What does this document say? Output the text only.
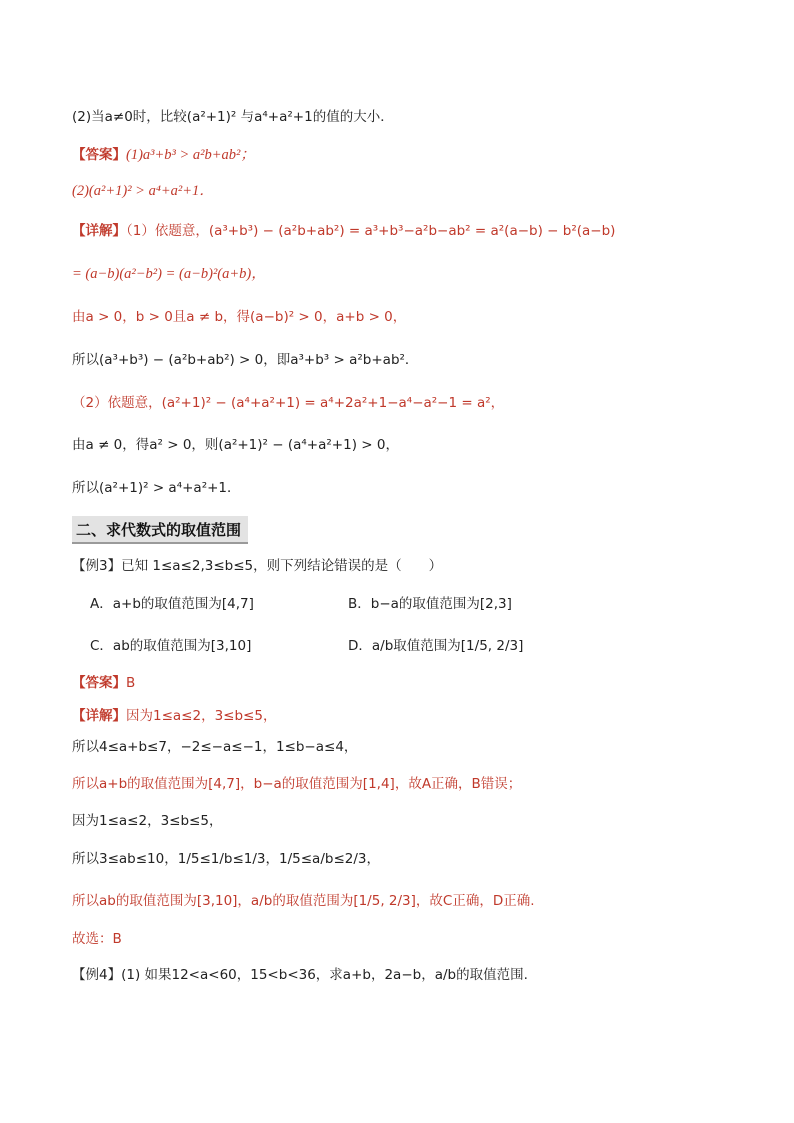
(2)当a≠0时，比较(a²+1)² 与a⁴+a²+1的值的大小．
【答案】(1)a³+b³ > a²b+ab²；
(2)(a²+1)² > a⁴+a²+1．
【详解】（1）依题意，(a³+b³) − (a²b+ab²) = a³+b³−a²b−ab² = a²(a−b) − b²(a−b)
= (a−b)(a²−b²) = (a−b)²(a+b)，
由a > 0，b > 0且a ≠ b，得(a−b)² > 0，a+b > 0，
所以(a³+b³) − (a²b+ab²) > 0，即a³+b³ > a²b+ab²．
（2）依题意，(a²+1)² − (a⁴+a²+1) = a⁴+2a²+1−a⁴−a²−1 = a²，
由a ≠ 0，得a² > 0，则(a²+1)² − (a⁴+a²+1) > 0，
所以(a²+1)² > a⁴+a²+1．
二、求代数式的取值范围
【例3】已知 1≤a≤2,3≤b≤5，则下列结论错误的是（　　）
A．a+b的取值范围为[4,7]	B．b−a的取值范围为[2,3]
C．ab的取值范围为[3,10]	D．a/b取值范围为[1/5, 2/3]
【答案】B
【详解】因为1≤a≤2，3≤b≤5，
所以4≤a+b≤7，−2≤−a≤−1，1≤b−a≤4，
所以a+b的取值范围为[4,7]，b−a的取值范围为[1,4]，故A正确，B错误；
因为1≤a≤2，3≤b≤5，
所以3≤ab≤10，1/5≤1/b≤1/3，1/5≤a/b≤2/3，
所以ab的取值范围为[3,10]，a/b的取值范围为[1/5, 2/3]，故C正确，D正确.
故选：B
【例4】(1) 如果12<a<60，15<b<36，求a+b，2a−b，a/b的取值范围.
